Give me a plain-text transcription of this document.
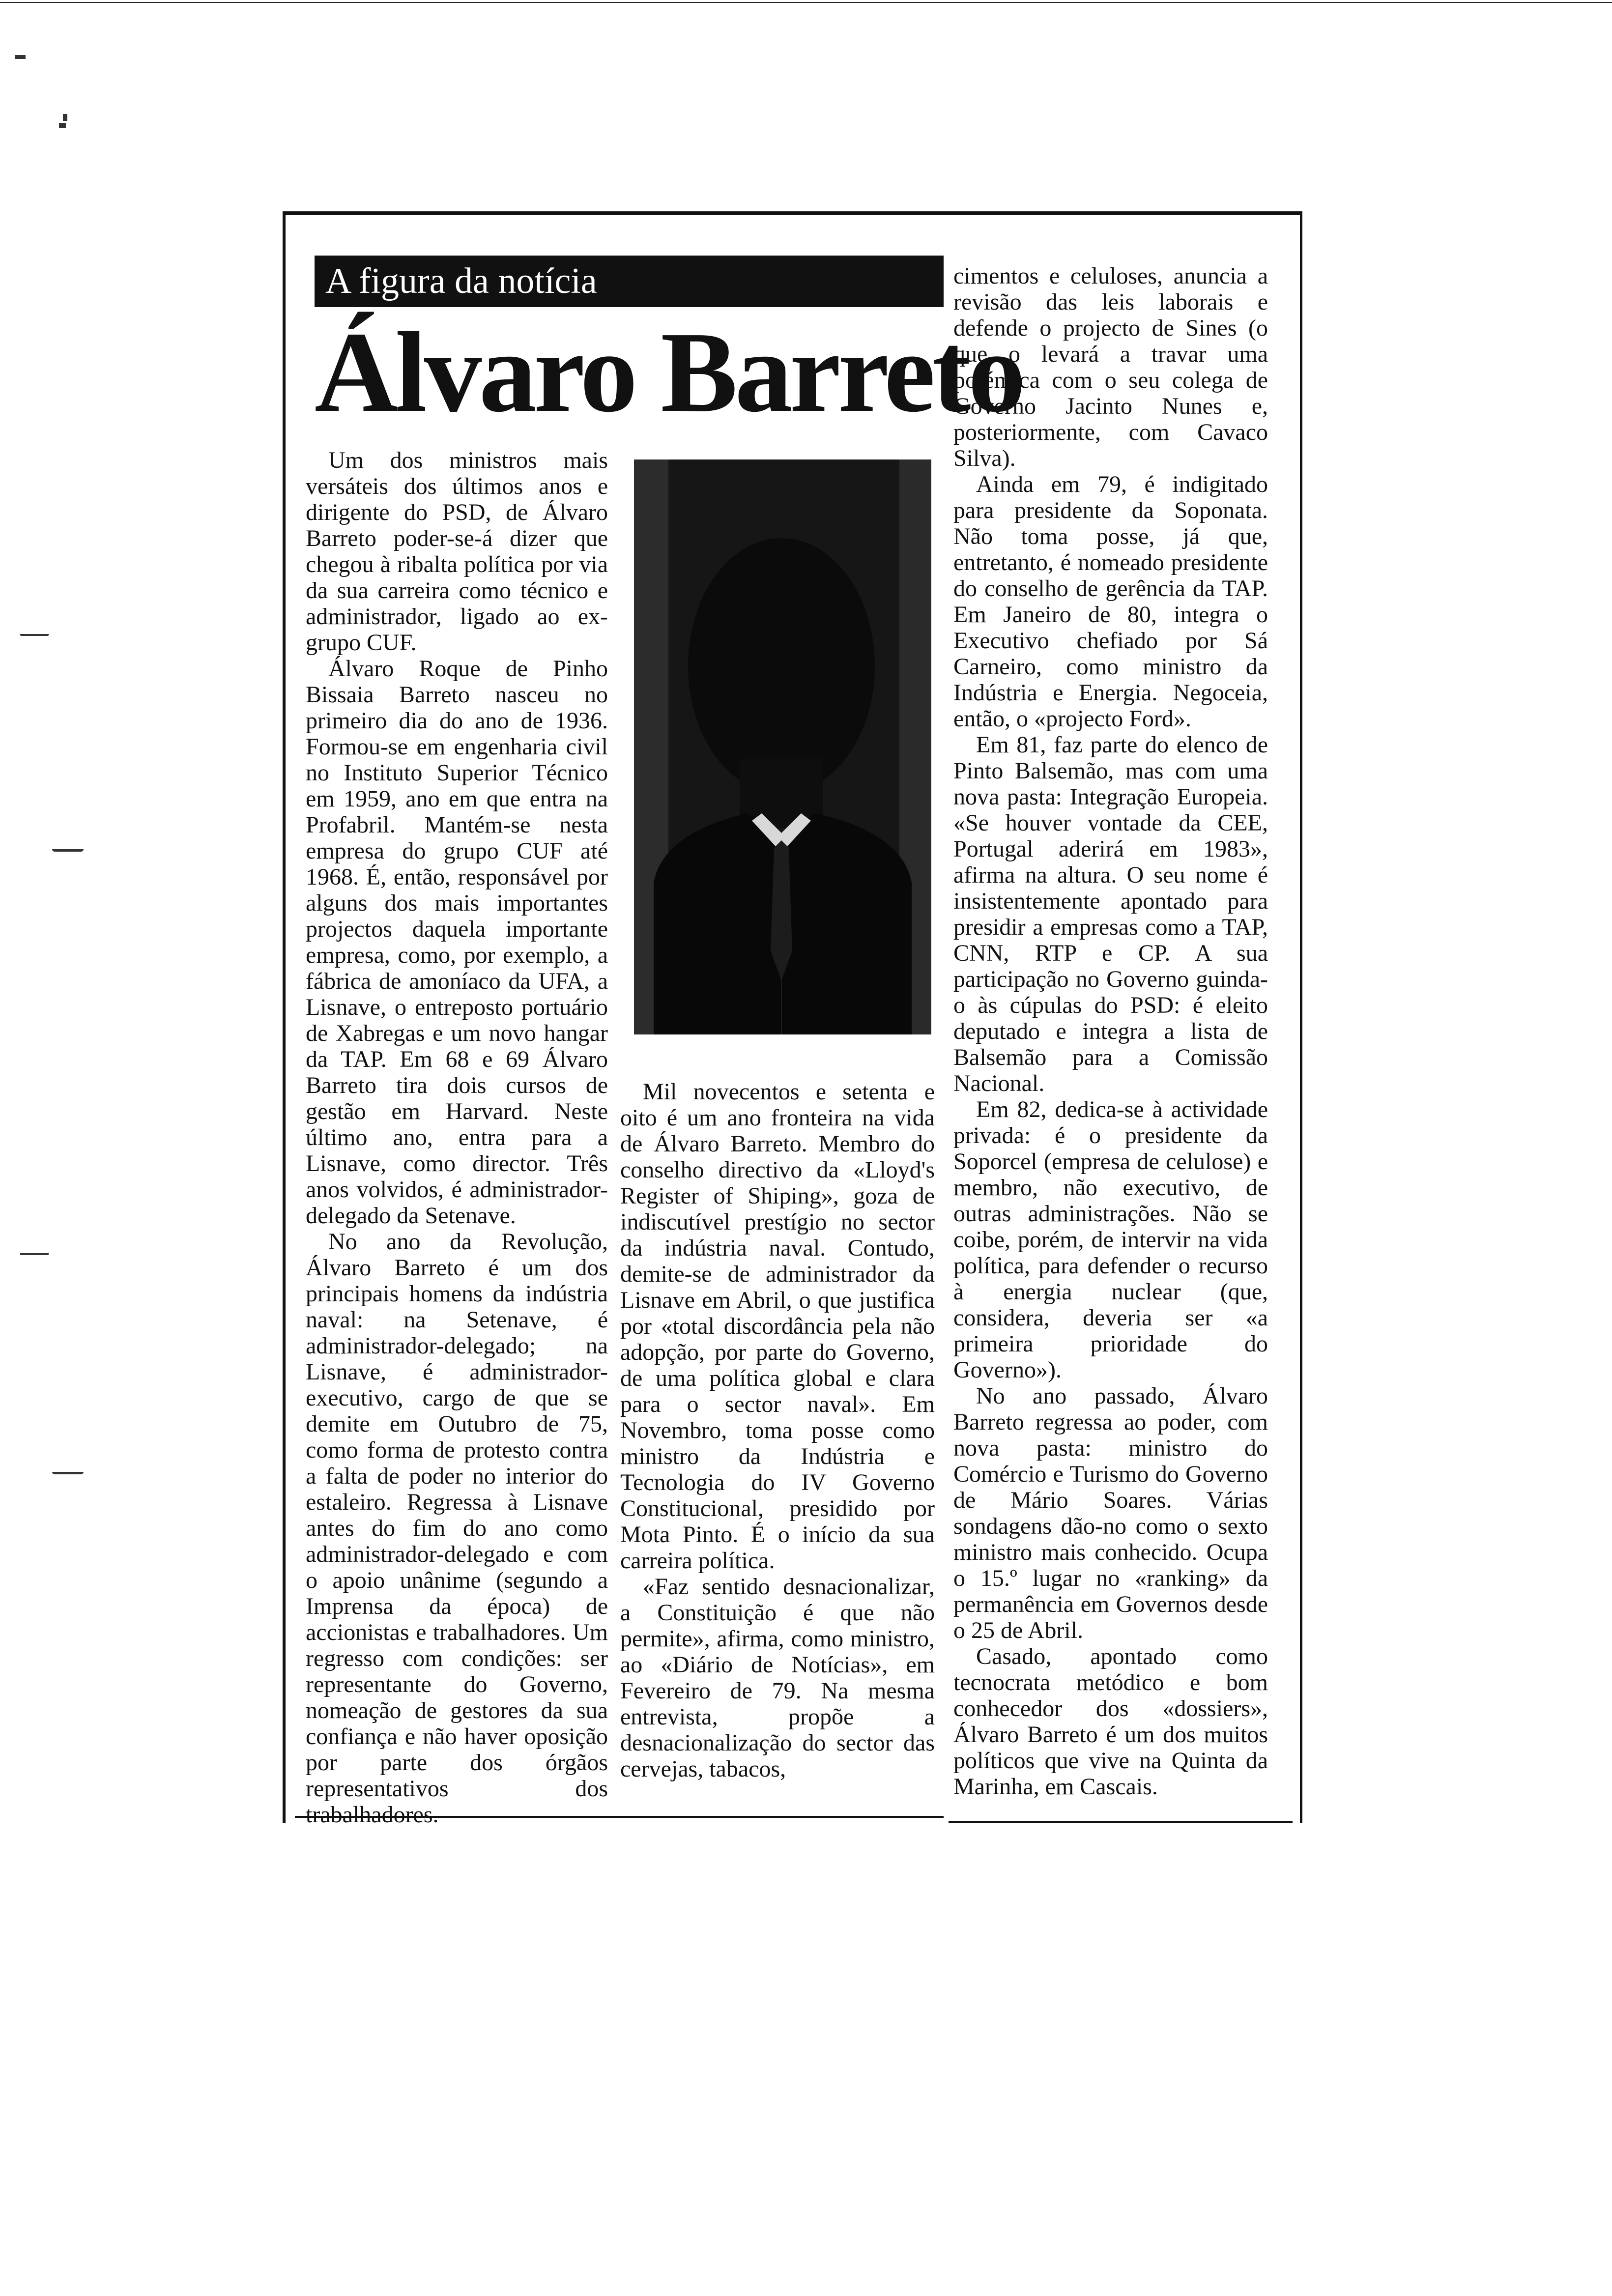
A figura da notícia
Álvaro Barreto

Um dos ministros mais versáteis dos últimos anos e dirigente do PSD, de Álvaro Barreto poder-se-á dizer que chegou à ribalta política por via da sua carreira como técnico e administrador, ligado ao ex-grupo CUF.

Álvaro Roque de Pinho Bissaia Barreto nasceu no primeiro dia do ano de 1936. Formou-se em engenharia civil no Instituto Superior Técnico em 1959, ano em que entra na Profabril. Mantém-se nesta empresa do grupo CUF até 1968. É, então, responsável por alguns dos mais importantes projectos daquela importante empresa, como, por exemplo, a fábrica de amoníaco da UFA, a Lisnave, o entreposto portuário de Xabregas e um novo hangar da TAP. Em 68 e 69 Álvaro Barreto tira dois cursos de gestão em Harvard. Neste último ano, entra para a Lisnave, como director. Três anos volvidos, é administrador-delegado da Setenave.

No ano da Revolução, Álvaro Barreto é um dos principais homens da indústria naval: na Setenave, é administrador-delegado; na Lisnave, é administrador-executivo, cargo de que se demite em Outubro de 75, como forma de protesto contra a falta de poder no interior do estaleiro. Regressa à Lisnave antes do fim do ano como administrador-delegado e com o apoio unânime (segundo a Imprensa da época) de accionistas e trabalhadores. Um regresso com condições: ser representante do Governo, nomeação de gestores da sua confiança e não haver oposição por parte dos órgãos representativos dos trabalhadores.

Mil novecentos e setenta e oito é um ano fronteira na vida de Álvaro Barreto. Membro do conselho directivo da «Lloyd's Register of Shiping», goza de indiscutível prestígio no sector da indústria naval. Contudo, demite-se de administrador da Lisnave em Abril, o que justifica por «total discordância pela não adopção, por parte do Governo, de uma política global e clara para o sector naval». Em Novembro, toma posse como ministro da Indústria e Tecnologia do IV Governo Constitucional, presidido por Mota Pinto. É o início da sua carreira política.

«Faz sentido desnacionalizar, a Constituição é que não permite», afirma, como ministro, ao «Diário de Notícias», em Fevereiro de 79. Na mesma entrevista, propõe a desnacionalização do sector das cervejas, tabacos,

cimentos e celuloses, anuncia a revisão das leis laborais e defende o projecto de Sines (o que o levará a travar uma polémica com o seu colega de Governo Jacinto Nunes e, posteriormente, com Cavaco Silva).

Ainda em 79, é indigitado para presidente da Soponata. Não toma posse, já que, entretanto, é nomeado presidente do conselho de gerência da TAP. Em Janeiro de 80, integra o Executivo chefiado por Sá Carneiro, como ministro da Indústria e Energia. Negoceia, então, o «projecto Ford».

Em 81, faz parte do elenco de Pinto Balsemão, mas com uma nova pasta: Integração Europeia. «Se houver vontade da CEE, Portugal aderirá em 1983», afirma na altura. O seu nome é insistentemente apontado para presidir a empresas como a TAP, CNN, RTP e CP. A sua participação no Governo guinda-o às cúpulas do PSD: é eleito deputado e integra a lista de Balsemão para a Comissão Nacional.

Em 82, dedica-se à actividade privada: é o presidente da Soporcel (empresa de celulose) e membro, não executivo, de outras administrações. Não se coibe, porém, de intervir na vida política, para defender o recurso à energia nuclear (que, considera, deveria ser «a primeira prioridade do Governo»).

No ano passado, Álvaro Barreto regressa ao poder, com nova pasta: ministro do Comércio e Turismo do Governo de Mário Soares. Várias sondagens dão-no como o sexto ministro mais conhecido. Ocupa o 15.º lugar no «ranking» da permanência em Governos desde o 25 de Abril.

Casado, apontado como tecnocrata metódico e bom conhecedor dos «dossiers», Álvaro Barreto é um dos muitos políticos que vive na Quinta da Marinha, em Cascais.
